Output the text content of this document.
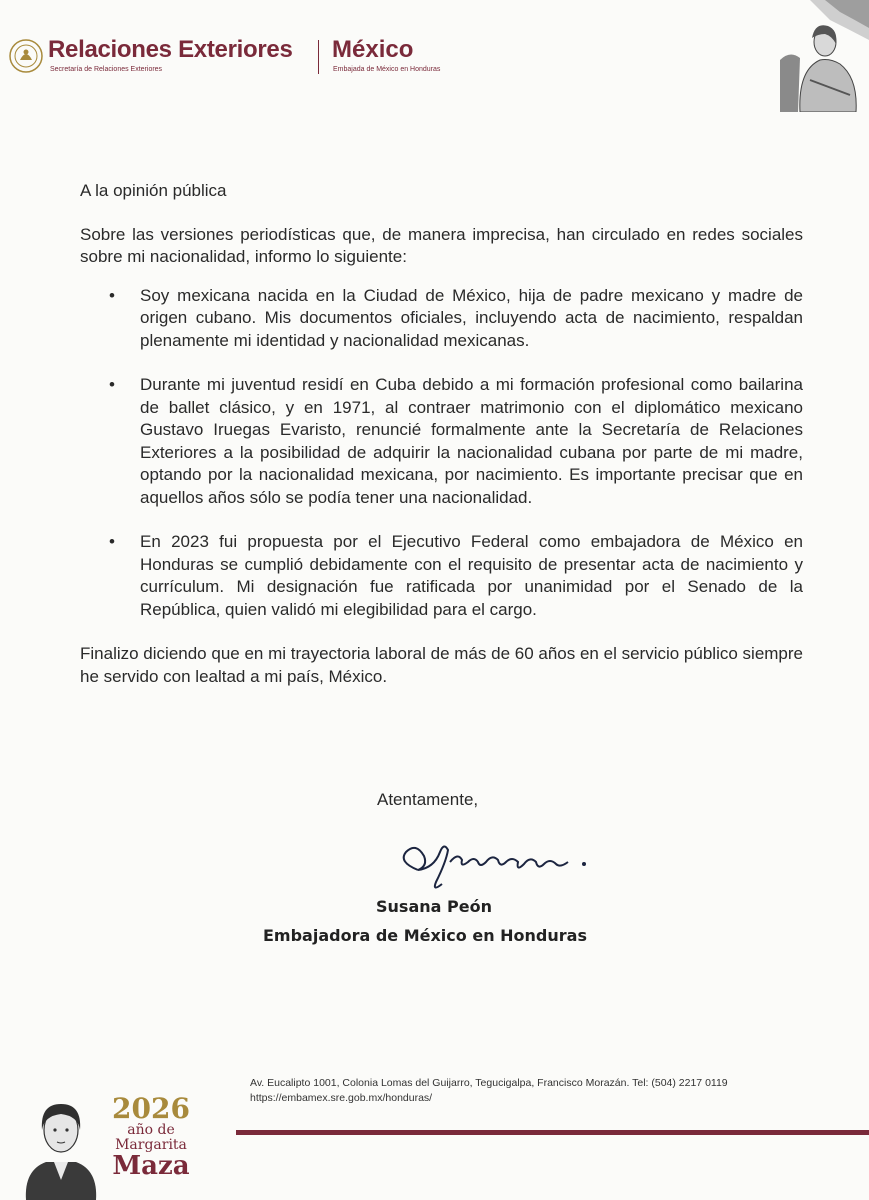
Relaciones Exteriores
Secretaría de Relaciones Exteriores
México
Embajada de México en Honduras

A la opinión pública

Sobre las versiones periodísticas que, de manera imprecisa, han circulado en redes sociales sobre mi nacionalidad, informo lo siguiente:

• Soy mexicana nacida en la Ciudad de México, hija de padre mexicano y madre de origen cubano. Mis documentos oficiales, incluyendo acta de nacimiento, respaldan plenamente mi identidad y nacionalidad mexicanas.
• Durante mi juventud residí en Cuba debido a mi formación profesional como bailarina de ballet clásico, y en 1971, al contraer matrimonio con el diplomático mexicano Gustavo Iruegas Evaristo, renuncié formalmente ante la Secretaría de Relaciones Exteriores a la posibilidad de adquirir la nacionalidad cubana por parte de mi madre, optando por la nacionalidad mexicana, por nacimiento. Es importante precisar que en aquellos años sólo se podía tener una nacionalidad.
• En 2023 fui propuesta por el Ejecutivo Federal como embajadora de México en Honduras se cumplió debidamente con el requisito de presentar acta de nacimiento y currículum. Mi designación fue ratificada por unanimidad por el Senado de la República, quien validó mi elegibilidad para el cargo.

Finalizo diciendo que en mi trayectoria laboral de más de 60 años en el servicio público siempre he servido con lealtad a mi país, México.

Atentamente,
Susana Peón
Embajadora de México en Honduras
2026
año de
Margarita
Maza
Av. Eucalipto 1001, Colonia Lomas del Guijarro, Tegucigalpa, Francisco Morazán. Tel: (504) 2217 0119
https://embamex.sre.gob.mx/honduras/
